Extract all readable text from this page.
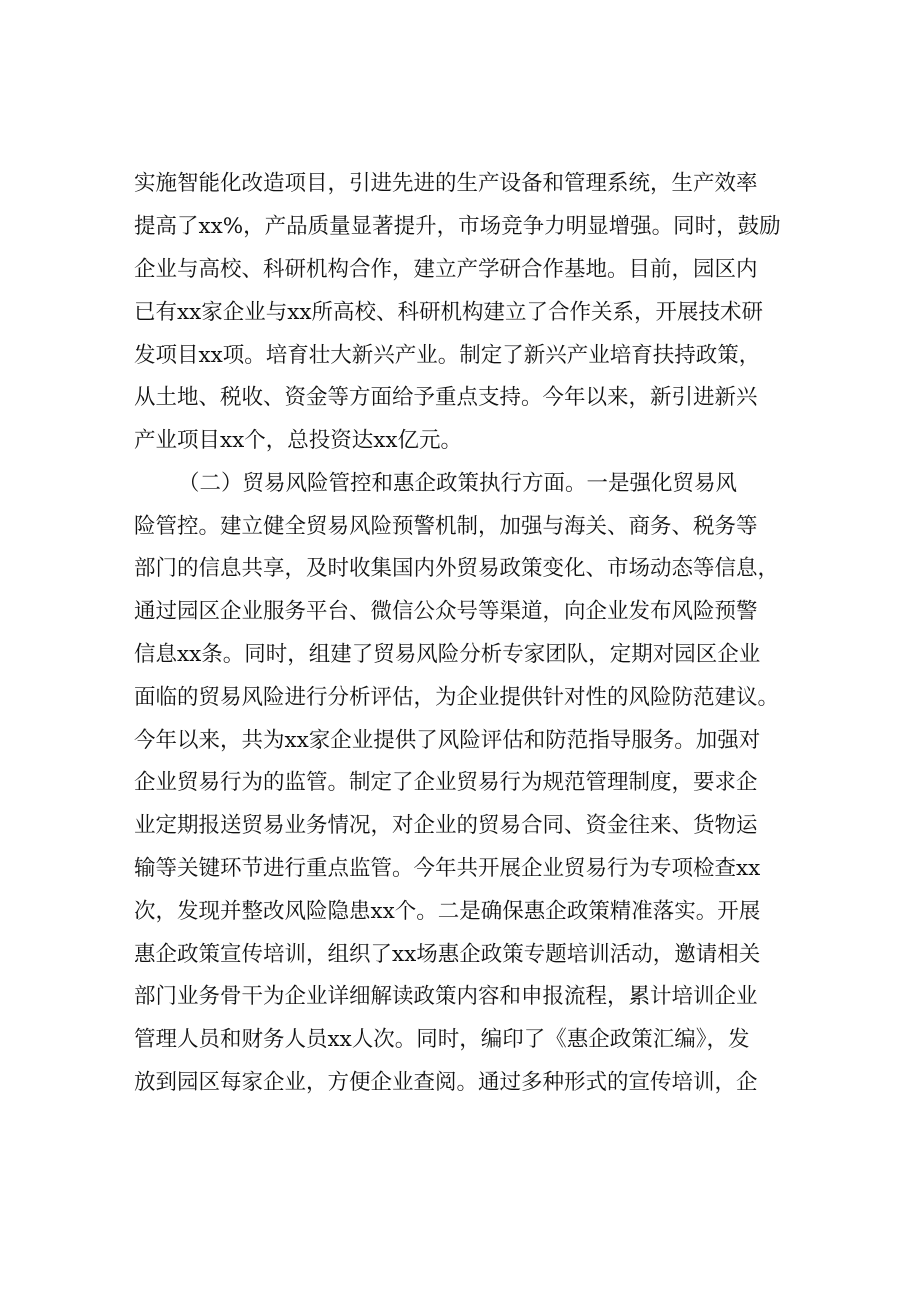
实施智能化改造项目，引进先进的生产设备和管理系统，生产效率

提高了xx%，产品质量显著提升，市场竞争力明显增强。同时，鼓励

企业与高校、科研机构合作，建立产学研合作基地。目前，园区内

已有xx家企业与xx所高校、科研机构建立了合作关系，开展技术研

发项目xx项。培育壮大新兴产业。制定了新兴产业培育扶持政策，

从土地、税收、资金等方面给予重点支持。今年以来，新引进新兴

产业项目xx个，总投资达xx亿元。

（二）贸易风险管控和惠企政策执行方面。一是强化贸易风

险管控。建立健全贸易风险预警机制，加强与海关、商务、税务等

部门的信息共享，及时收集国内外贸易政策变化、市场动态等信息，

通过园区企业服务平台、微信公众号等渠道，向企业发布风险预警

信息xx条。同时，组建了贸易风险分析专家团队，定期对园区企业

面临的贸易风险进行分析评估，为企业提供针对性的风险防范建议。

今年以来，共为xx家企业提供了风险评估和防范指导服务。加强对

企业贸易行为的监管。制定了企业贸易行为规范管理制度，要求企

业定期报送贸易业务情况，对企业的贸易合同、资金往来、货物运

输等关键环节进行重点监管。今年共开展企业贸易行为专项检查xx

次，发现并整改风险隐患xx个。二是确保惠企政策精准落实。开展

惠企政策宣传培训，组织了xx场惠企政策专题培训活动，邀请相关

部门业务骨干为企业详细解读政策内容和申报流程，累计培训企业

管理人员和财务人员xx人次。同时，编印了《惠企政策汇编》，发

放到园区每家企业，方便企业查阅。通过多种形式的宣传培训，企
